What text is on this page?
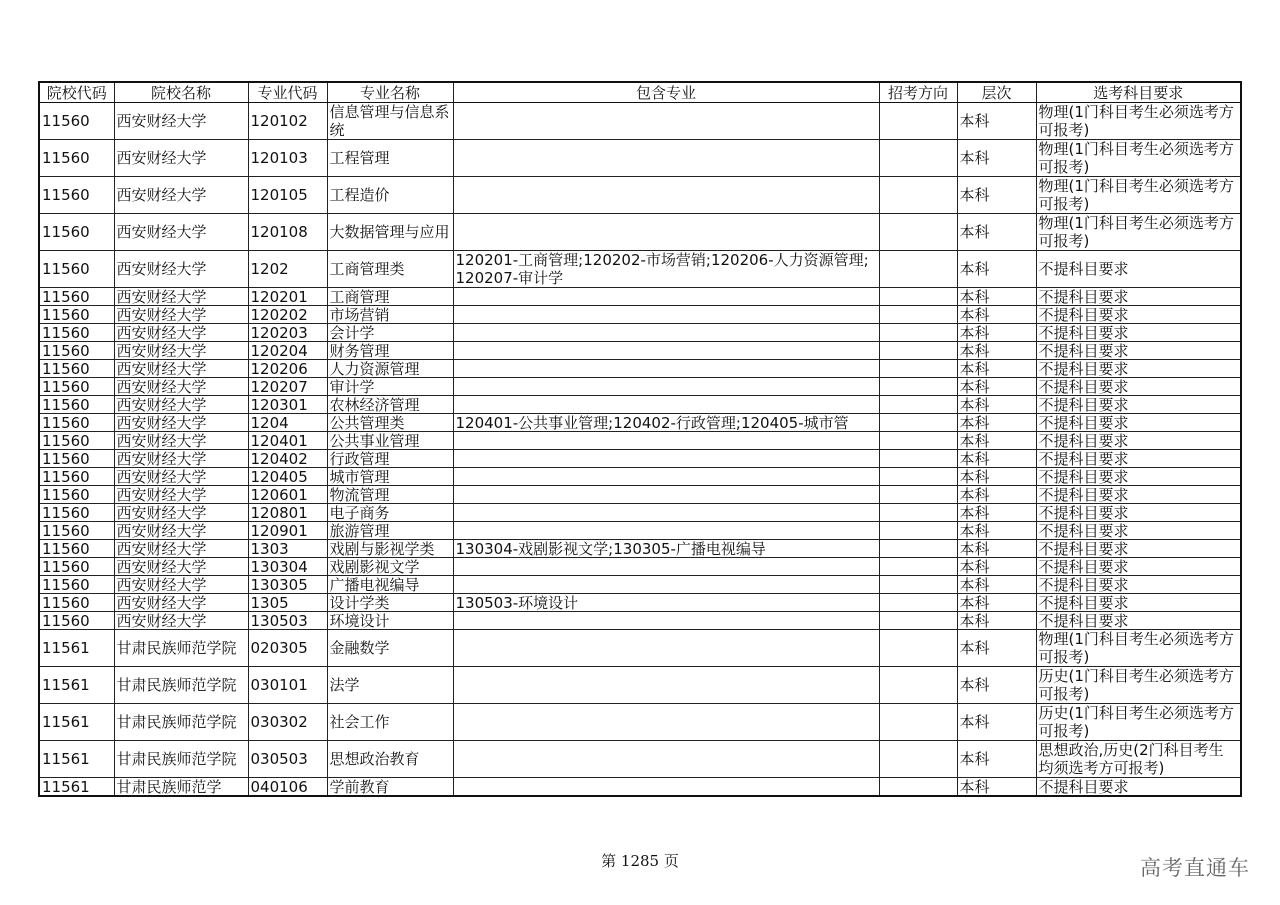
院校代码	院校名称	专业代码	专业名称	包含专业	招考方向	层次	选考科目要求
11560	西安财经大学	120102	信息管理与信息系统			本科	物理(1门科目考生必须选考方可报考)
11560	西安财经大学	120103	工程管理			本科	物理(1门科目考生必须选考方可报考)
11560	西安财经大学	120105	工程造价			本科	物理(1门科目考生必须选考方可报考)
11560	西安财经大学	120108	大数据管理与应用			本科	物理(1门科目考生必须选考方可报考)
11560	西安财经大学	1202	工商管理类	120201-工商管理;120202-市场营销;120206-人力资源管理;120207-审计学		本科	不提科目要求
11560	西安财经大学	120201	工商管理			本科	不提科目要求
11560	西安财经大学	120202	市场营销			本科	不提科目要求
11560	西安财经大学	120203	会计学			本科	不提科目要求
11560	西安财经大学	120204	财务管理			本科	不提科目要求
11560	西安财经大学	120206	人力资源管理			本科	不提科目要求
11560	西安财经大学	120207	审计学			本科	不提科目要求
11560	西安财经大学	120301	农林经济管理			本科	不提科目要求
11560	西安财经大学	1204	公共管理类	120401-公共事业管理;120402-行政管理;120405-城市管		本科	不提科目要求
11560	西安财经大学	120401	公共事业管理			本科	不提科目要求
11560	西安财经大学	120402	行政管理			本科	不提科目要求
11560	西安财经大学	120405	城市管理			本科	不提科目要求
11560	西安财经大学	120601	物流管理			本科	不提科目要求
11560	西安财经大学	120801	电子商务			本科	不提科目要求
11560	西安财经大学	120901	旅游管理			本科	不提科目要求
11560	西安财经大学	1303	戏剧与影视学类	130304-戏剧影视文学;130305-广播电视编导		本科	不提科目要求
11560	西安财经大学	130304	戏剧影视文学			本科	不提科目要求
11560	西安财经大学	130305	广播电视编导			本科	不提科目要求
11560	西安财经大学	1305	设计学类	130503-环境设计		本科	不提科目要求
11560	西安财经大学	130503	环境设计			本科	不提科目要求
11561	甘肃民族师范学院	020305	金融数学			本科	物理(1门科目考生必须选考方可报考)
11561	甘肃民族师范学院	030101	法学			本科	历史(1门科目考生必须选考方可报考)
11561	甘肃民族师范学院	030302	社会工作			本科	历史(1门科目考生必须选考方可报考)
11561	甘肃民族师范学院	030503	思想政治教育			本科	思想政治,历史(2门科目考生均须选考方可报考)
11561	甘肃民族师范学	040106	学前教育			本科	不提科目要求
第 1285 页	高考直通车
